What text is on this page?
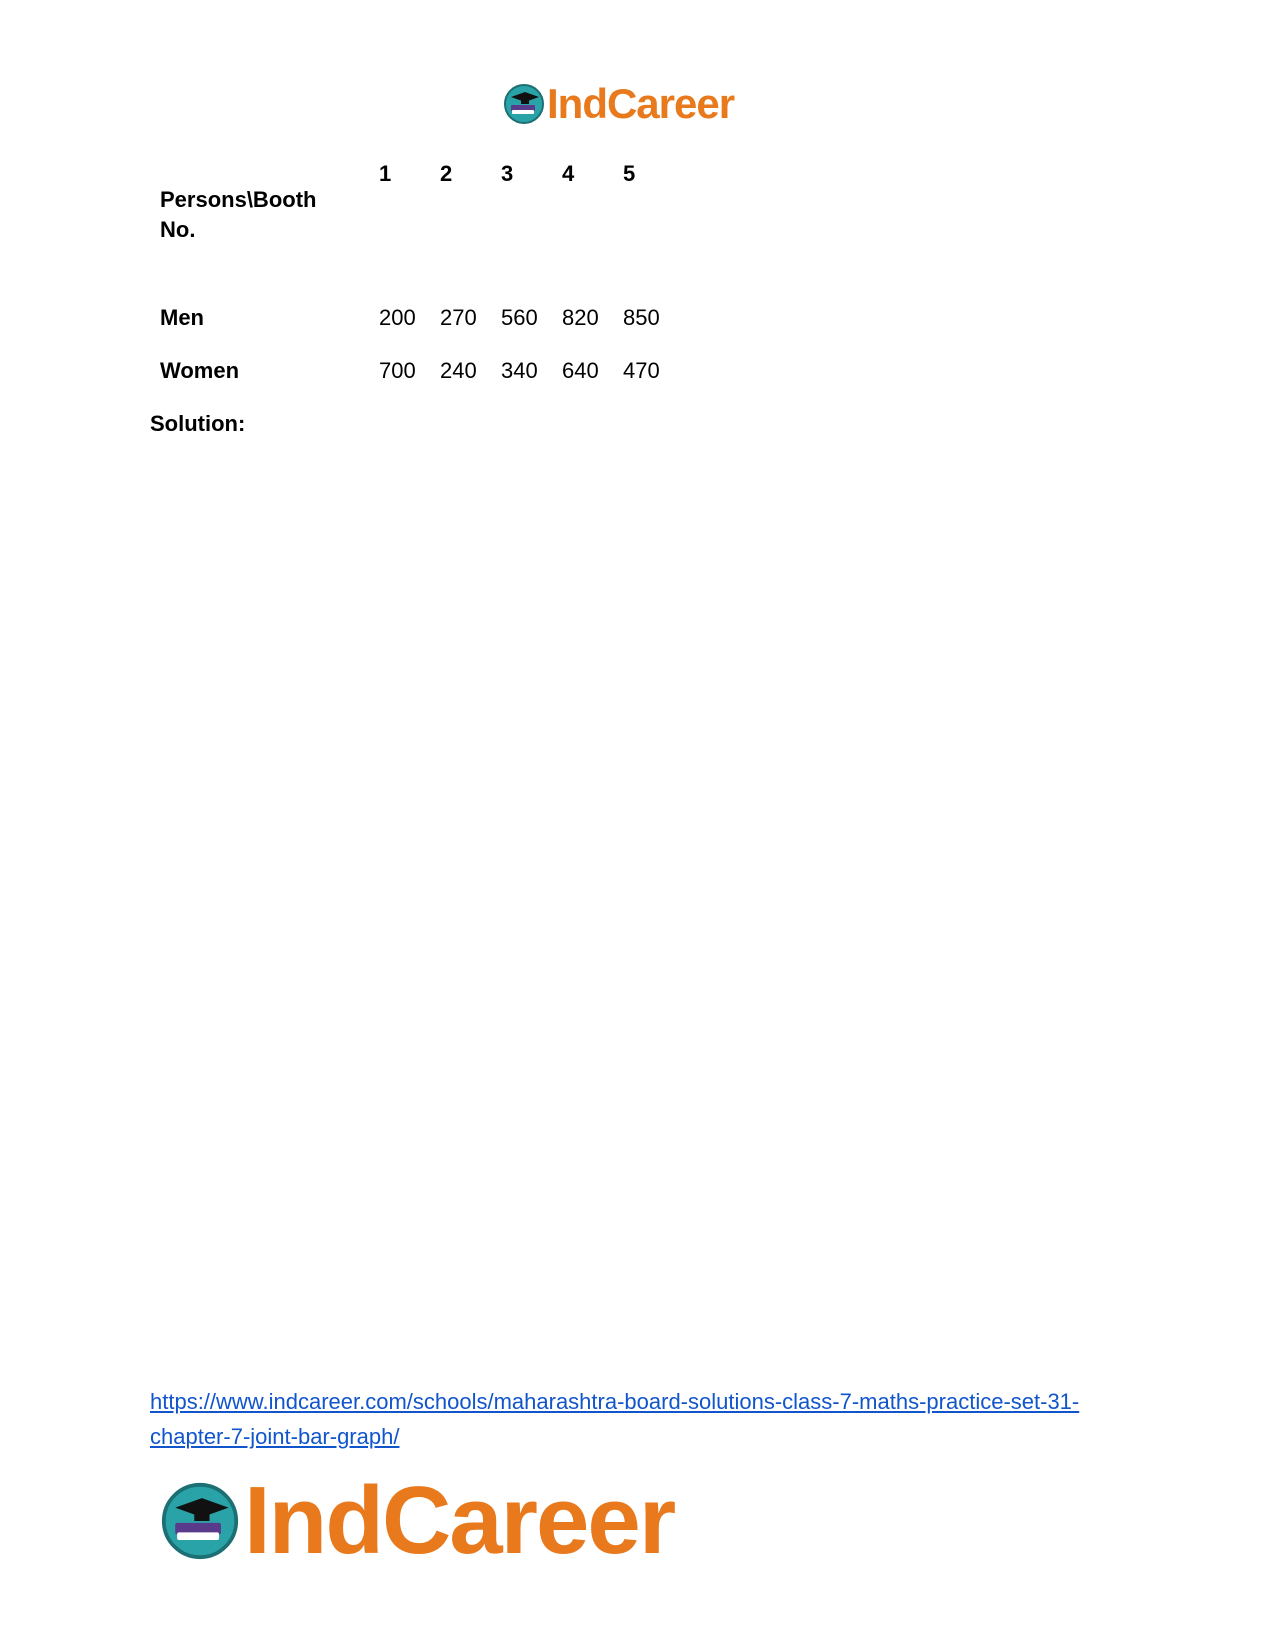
IndCareer
Persons\Booth
No.	1	2	3	4	5
Men	200	270	560	820	850
Women	700	240	340	640	470
Solution:
https://www.indcareer.com/schools/maharashtra-board-solutions-class-7-maths-practice-set-31-
chapter-7-joint-bar-graph/
IndCareer
